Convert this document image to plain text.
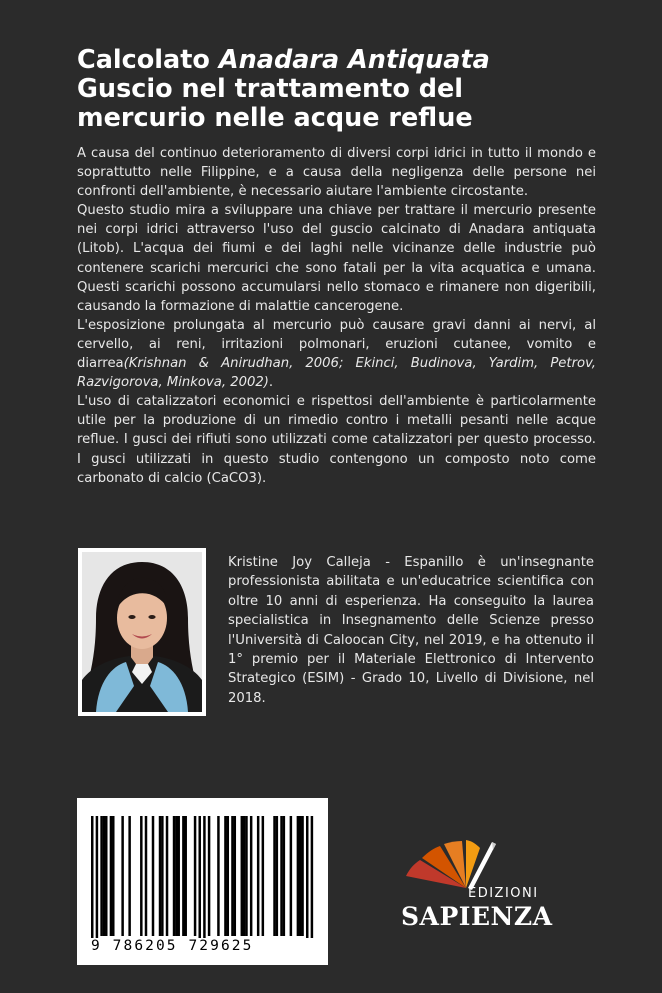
Calcolato Anadara Antiquata
Guscio nel trattamento del
mercurio nelle acque reflue

A causa del continuo deterioramento di diversi corpi idrici in tutto il mondo e soprattutto nelle Filippine, e a causa della negligenza delle persone nei confronti dell'ambiente, è necessario aiutare l'ambiente circostante.

Questo studio mira a sviluppare una chiave per trattare il mercurio presente nei corpi idrici attraverso l'uso del guscio calcinato di Anadara antiquata (Litob). L'acqua dei fiumi e dei laghi nelle vicinanze delle industrie può contenere scarichi mercurici che sono fatali per la vita acquatica e umana. Questi scarichi possono accumularsi nello stomaco e rimanere non digeribili, causando la formazione di malattie cancerogene.

L'esposizione prolungata al mercurio può causare gravi danni ai nervi, al cervello, ai reni, irritazioni polmonari, eruzioni cutanee, vomito e diarrea(Krishnan & Anirudhan, 2006; Ekinci, Budinova, Yardim, Petrov, Razvigorova, Minkova, 2002).

L'uso di catalizzatori economici e rispettosi dell'ambiente è particolarmente utile per la produzione di un rimedio contro i metalli pesanti nelle acque reflue. I gusci dei rifiuti sono utilizzati come catalizzatori per questo processo. I gusci utilizzati in questo studio contengono un composto noto come carbonato di calcio (CaCO3).

Kristine Joy Calleja - Espanillo è un'insegnante professionista abilitata e un'educatrice scientifica con oltre 10 anni di esperienza. Ha conseguito la laurea specialistica in Insegnamento delle Scienze presso l'Università di Caloocan City, nel 2019, e ha ottenuto il 1° premio per il Materiale Elettronico di Intervento Strategico (ESIM) - Grado 10, Livello di Divisione, nel 2018.
9 786205 729625
EDIZIONI
SAPIENZA
